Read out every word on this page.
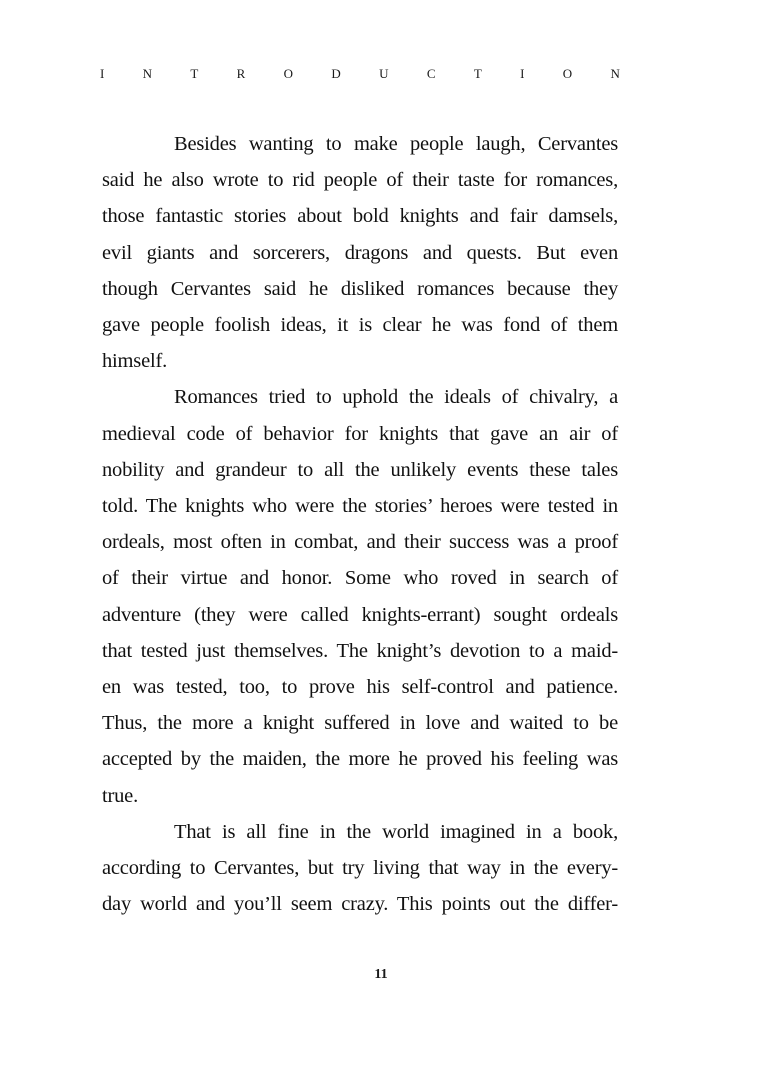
I	N	T	R	O	D	U	C	T	I	O	N
Besides wanting to make people laugh, Cervantes
said he also wrote to rid people of their taste for romances,
those fantastic stories about bold knights and fair damsels,
evil giants and sorcerers, dragons and quests. But even
though Cervantes said he disliked romances because they
gave people foolish ideas, it is clear he was fond of them
himself.
Romances tried to uphold the ideals of chivalry, a
medieval code of behavior for knights that gave an air of
nobility and grandeur to all the unlikely events these tales
told. The knights who were the stories’ heroes were tested in
ordeals, most often in combat, and their success was a proof
of their virtue and honor. Some who roved in search of
adventure (they were called knights-errant) sought ordeals
that tested just themselves. The knight’s devotion to a maid-
en was tested, too, to prove his self-control and patience.
Thus, the more a knight suffered in love and waited to be
accepted by the maiden, the more he proved his feeling was
true.
That is all fine in the world imagined in a book,
according to Cervantes, but try living that way in the every-
day world and you’ll seem crazy. This points out the differ-
11
